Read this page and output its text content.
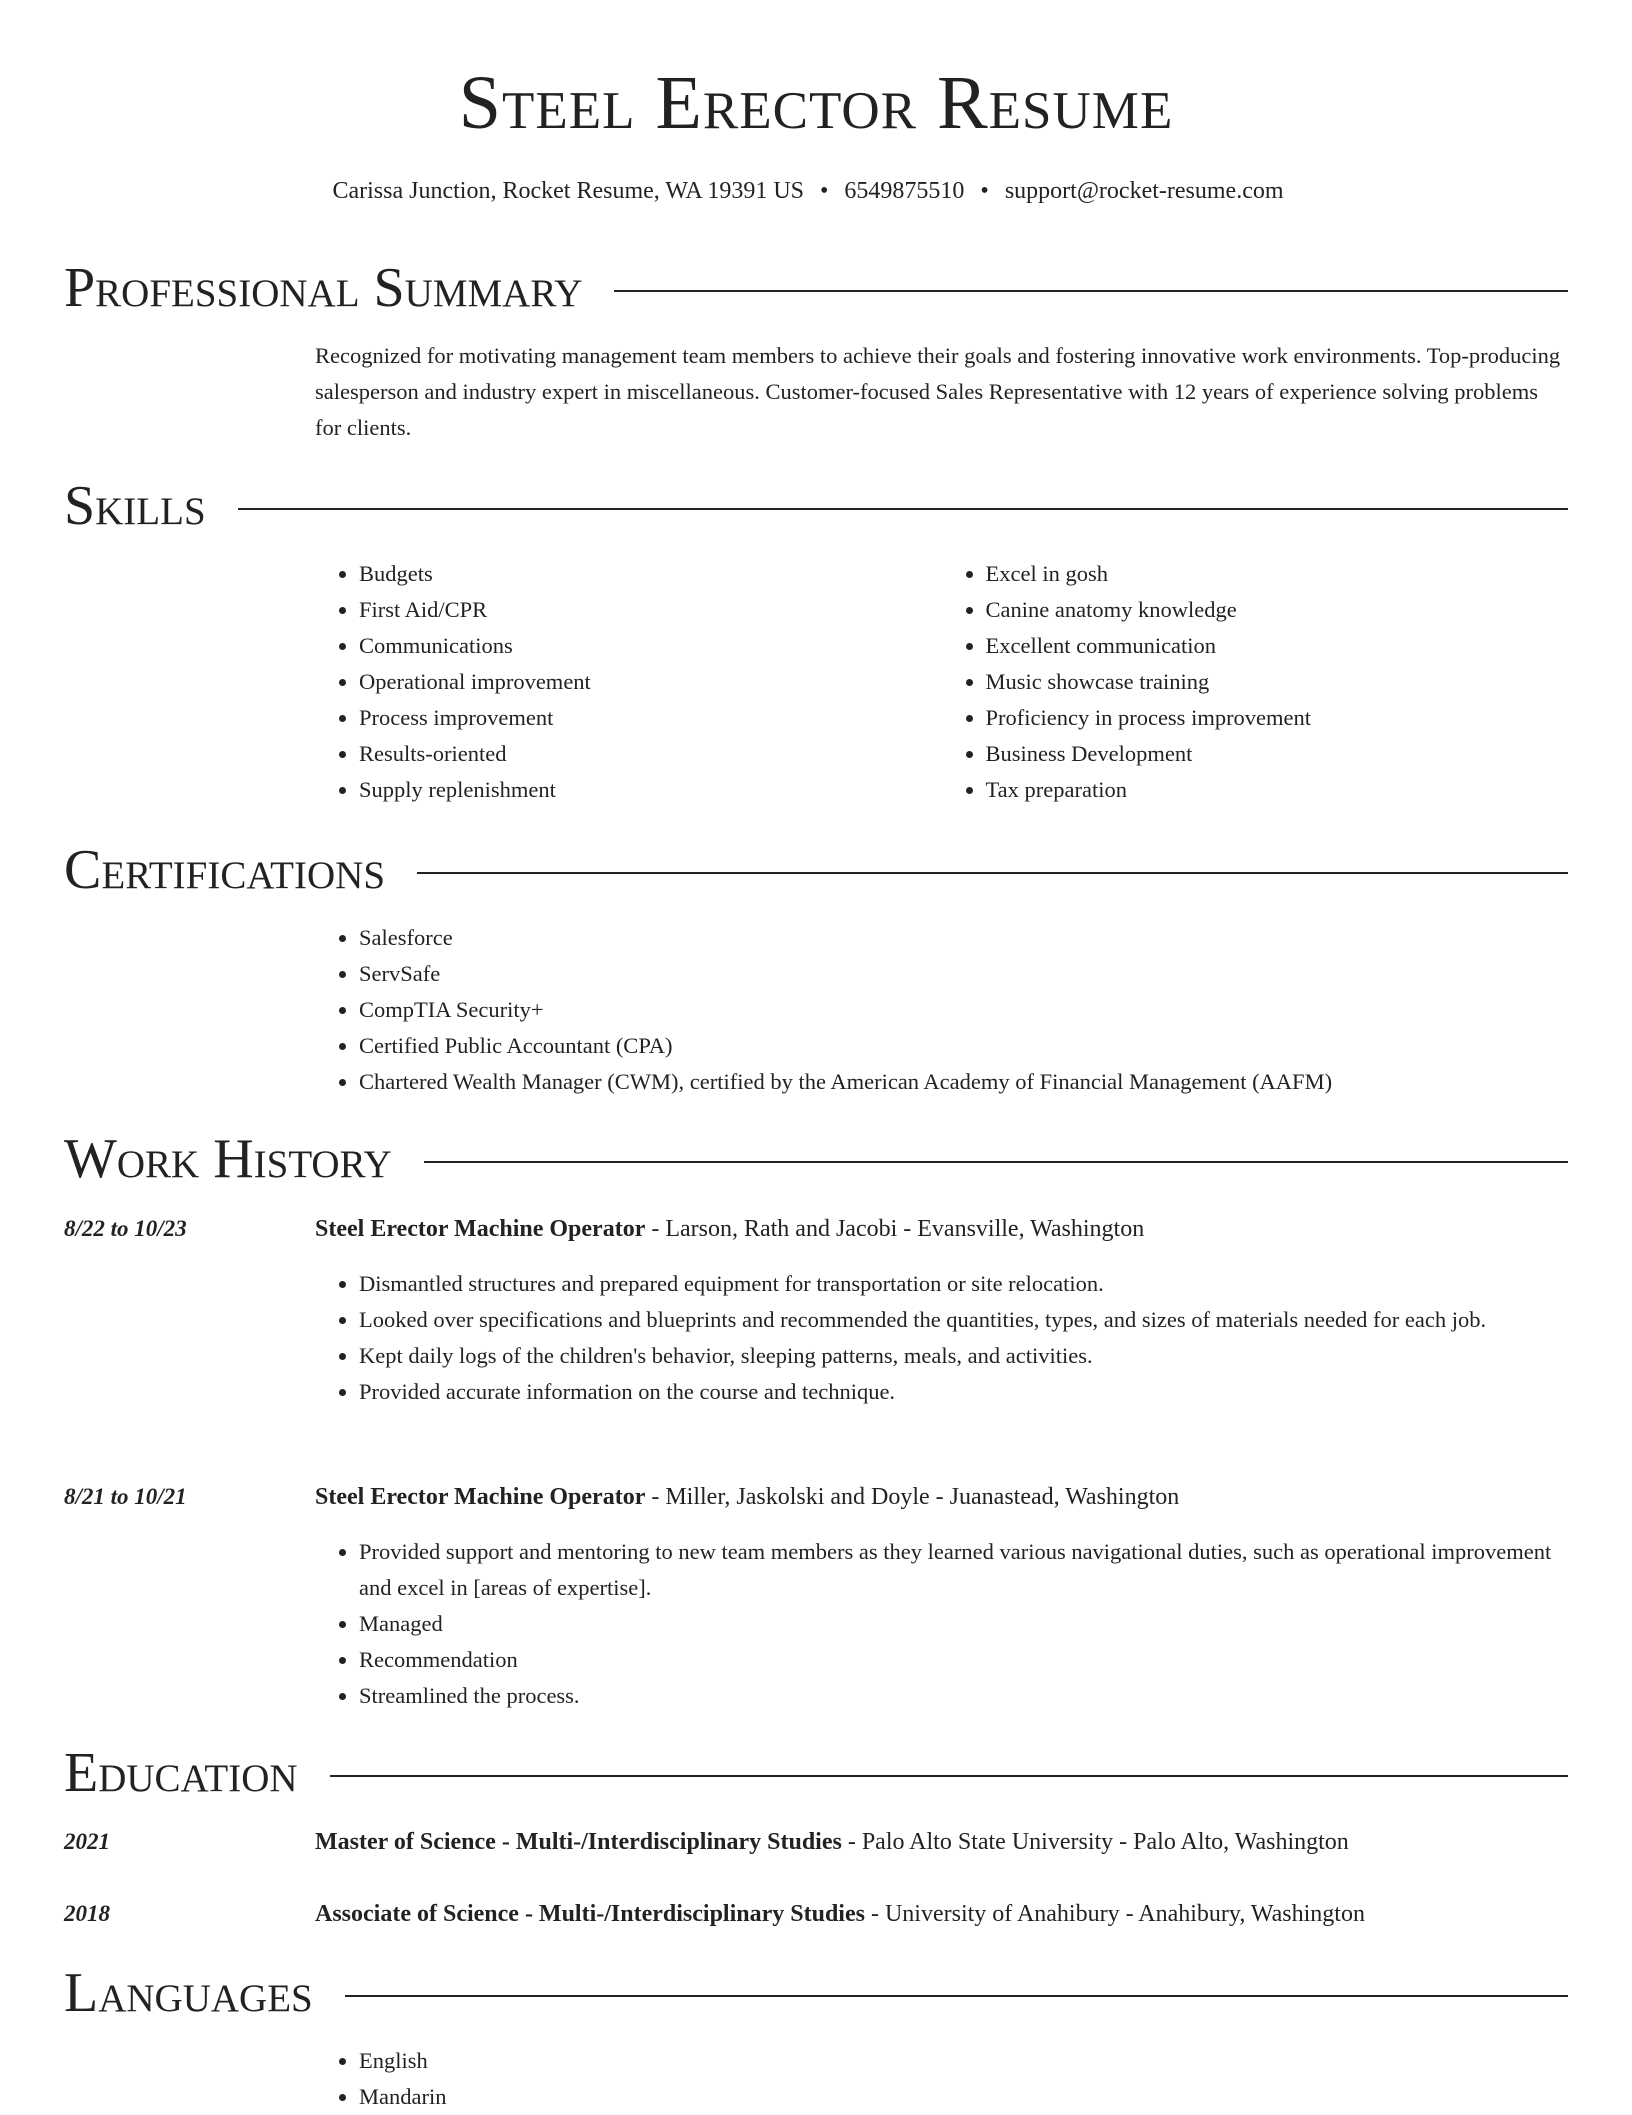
Steel Erector Resume
Carissa Junction, Rocket Resume, WA 19391 US • 6549875510 • support@rocket-resume.com
Professional Summary

Recognized for motivating management team members to achieve their goals and fostering innovative work environments. Top-producing salesperson and industry expert in miscellaneous. Customer-focused Sales Representative with 12 years of experience solving problems for clients.

Skills
• Budgets
• First Aid/CPR
• Communications
• Operational improvement
• Process improvement
• Results-oriented
• Supply replenishment
• Excel in gosh
• Canine anatomy knowledge
• Excellent communication
• Music showcase training
• Proficiency in process improvement
• Business Development
• Tax preparation
Certifications
• Salesforce
• ServSafe
• CompTIA Security+
• Certified Public Accountant (CPA)
• Chartered Wealth Manager (CWM), certified by the American Academy of Financial Management (AAFM)
Work History
8/22 to 10/23	Steel Erector Machine Operator - Larson, Rath and Jacobi - Evansville, Washington
• Dismantled structures and prepared equipment for transportation or site relocation.
• Looked over specifications and blueprints and recommended the quantities, types, and sizes of materials needed for each job.
• Kept daily logs of the children's behavior, sleeping patterns, meals, and activities.
• Provided accurate information on the course and technique.
8/21 to 10/21	Steel Erector Machine Operator - Miller, Jaskolski and Doyle - Juanastead, Washington
• Provided support and mentoring to new team members as they learned various navigational duties, such as operational improvement and excel in [areas of expertise].
• Managed
• Recommendation
• Streamlined the process.
Education
2021	Master of Science - Multi-/Interdisciplinary Studies - Palo Alto State University - Palo Alto, Washington
2018	Associate of Science - Multi-/Interdisciplinary Studies - University of Anahibury - Anahibury, Washington
Languages
• English
• Mandarin
